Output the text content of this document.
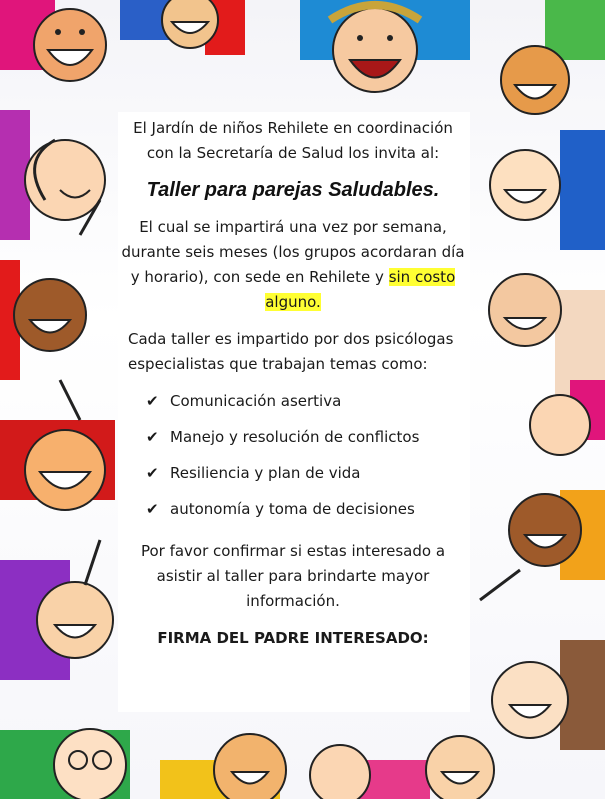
El Jardín de niños Rehilete en coordinación con la Secretaría de Salud los invita al:

Taller para parejas Saludables.

El cual se impartirá una vez por semana, durante seis meses (los grupos acordaran día y horario), con sede en Rehilete y sin costo alguno.

Cada taller es impartido por dos psicólogas especialistas que trabajan temas como:

✔ Comunicación asertiva
✔ Manejo y resolución de conflictos
✔ Resiliencia y plan de vida
✔ autonomía y toma de decisiones

Por favor confirmar si estas interesado a asistir al taller para brindarte mayor información.

FIRMA DEL PADRE INTERESADO:
